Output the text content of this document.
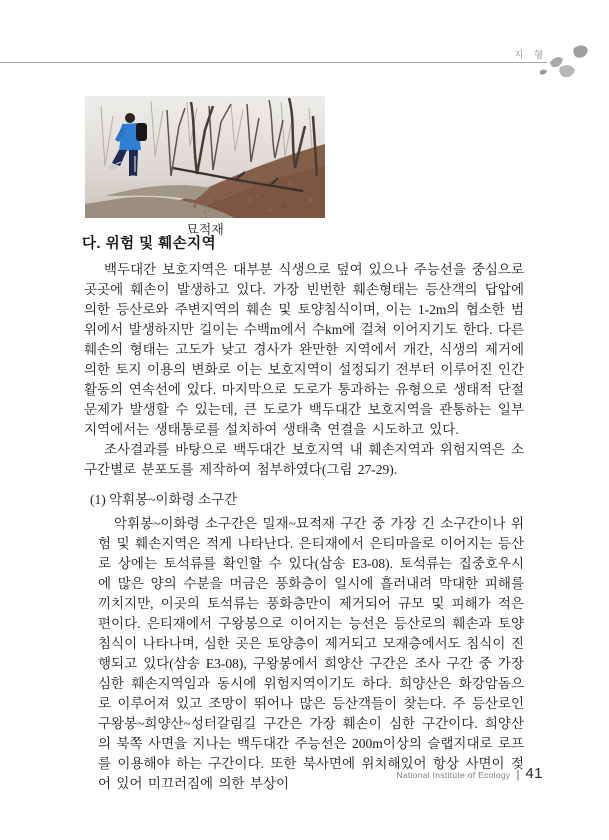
지 형
묘적재
다. 위험 및 훼손지역

백두대간 보호지역은 대부분 식생으로 덮여 있으나 주능선을 중심으로 곳곳에 훼손이 발생하고 있다. 가장 빈번한 훼손형태는 등산객의 답압에 의한 등산로와 주변지역의 훼손 및 토양침식이며, 이는 1-2m의 협소한 범위에서 발생하지만 길이는 수백m에서 수km에 걸쳐 이어지기도 한다. 다른 훼손의 형태는 고도가 낮고 경사가 완만한 지역에서 개간, 식생의 제거에 의한 토지 이용의 변화로 이는 보호지역이 설정되기 전부터 이루어진 인간 활동의 연속선에 있다. 마지막으로 도로가 통과하는 유형으로 생태적 단절 문제가 발생할 수 있는데, 큰 도로가 백두대간 보호지역을 관통하는 일부지역에서는 생태통로를 설치하여 생태축 연결을 시도하고 있다.

조사결과를 바탕으로 백두대간 보호지역 내 훼손지역과 위험지역은 소구간별로 분포도를 제작하여 첨부하였다(그림 27-29).

(1) 악휘봉~이화령 소구간

악휘봉~이화령 소구간은 밀재~묘적재 구간 중 가장 긴 소구간이나 위험 및 훼손지역은 적게 나타난다. 은티재에서 은티마을로 이어지는 등산로 상에는 토석류를 확인할 수 있다(삼송 E3-08). 토석류는 집중호우시에 많은 양의 수분을 머금은 풍화층이 일시에 흘러내려 막대한 피해를 끼치지만, 이곳의 토석류는 풍화층만이 제거되어 규모 및 피해가 적은 편이다. 은티재에서 구왕봉으로 이어지는 능선은 등산로의 훼손과 토양침식이 나타나며, 심한 곳은 토양층이 제거되고 모재층에서도 침식이 진행되고 있다(삼송 E3-08), 구왕봉에서 희양산 구간은 조사 구간 중 가장 심한 훼손지역임과 동시에 위험지역이기도 하다. 희양산은 화강암돔으로 이루어져 있고 조망이 뛰어나 많은 등산객들이 찾는다. 주 등산로인 구왕봉~희양산~성터갈림길 구간은 가장 훼손이 심한 구간이다. 희양산의 북쪽 사면을 지나는 백두대간 주능선은 200m이상의 슬랩지대로 로프를 이용해야 하는 구간이다. 또한 북사면에 위치해있어 항상 사면이 젖어 있어 미끄러짐에 의한 부상이

National Institute of Ecology | 41
